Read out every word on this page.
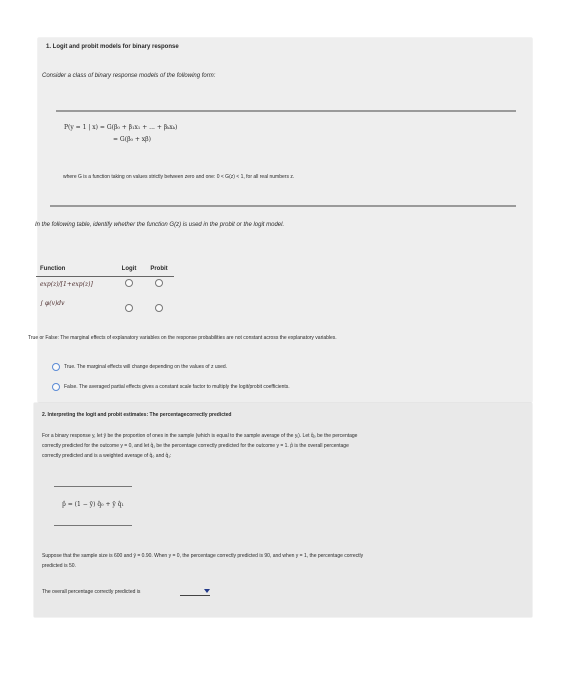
1. Logit and probit models for binary response
Consider a class of binary response models of the following form:
P(y = 1 | x) = G(β₀ + β₁x₁ + ... + βₖxₖ)
= G(β₀ + xβ)
where G is a function taking on values strictly between zero and one: 0 < G(z) < 1, for all real numbers z.
In the following table, identify whether the function G(z) is used in the probit or the logit model.
Function	Logit	Probit
exp(z)/[1+exp(z)]		
∫ φ(v)dv		
True or False: The marginal effects of explanatory variables on the response probabilities are not constant across the explanatory variables.
True. The marginal effects will change depending on the values of z used.
False. The averaged partial effects gives a constant scale factor to multiply the logit/probit coefficients.
2. Interpreting the logit and probit estimates: The percentagecorrectly predicted
For a binary response y, let ȳ be the proportion of ones in the sample (which is equal to the sample average of the yᵢ). Let q̂₀ be the percentage
correctly predicted for the outcome y = 0, and let q̂₁ be the percentage correctly predicted for the outcome y = 1. p̂ is the overall percentage
correctly predicted and is a weighted average of q̂₀ and q̂₁:
p̂ = (1 − ȳ) q̂₀ + ȳ q̂₁
Suppose that the sample size is 600 and ȳ = 0.90. When y = 0, the percentage correctly predicted is 90, and when y = 1, the percentage correctly
predicted is 50.
The overall percentage correctly predicted is
